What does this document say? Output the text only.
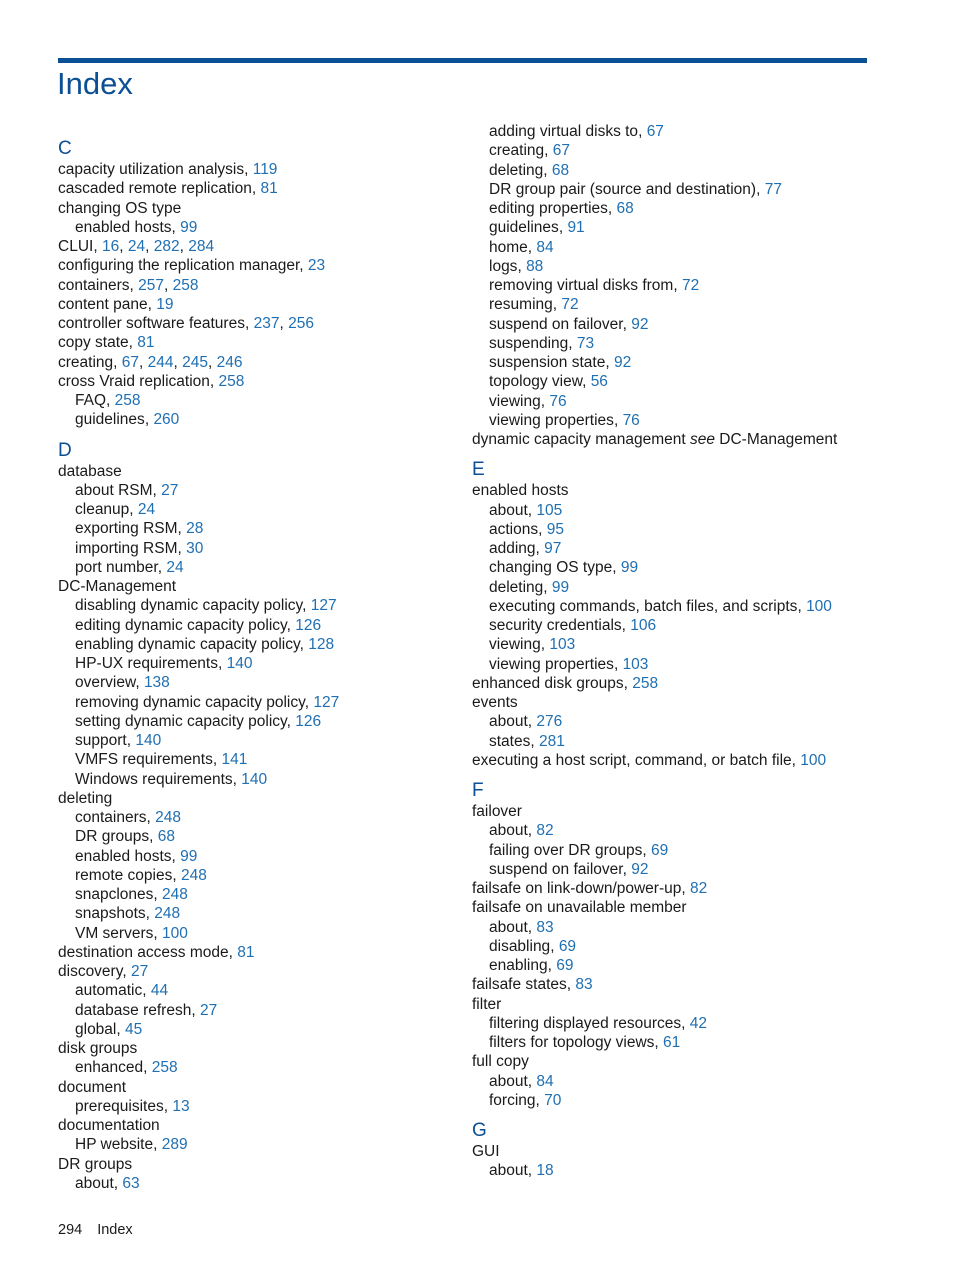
Index
C
capacity utilization analysis, 119
cascaded remote replication, 81
changing OS type
enabled hosts, 99
CLUI, 16, 24, 282, 284
configuring the replication manager, 23
containers, 257, 258
content pane, 19
controller software features, 237, 256
copy state, 81
creating, 67, 244, 245, 246
cross Vraid replication, 258
FAQ, 258
guidelines, 260
D
database
about RSM, 27
cleanup, 24
exporting RSM, 28
importing RSM, 30
port number, 24
DC-Management
disabling dynamic capacity policy, 127
editing dynamic capacity policy, 126
enabling dynamic capacity policy, 128
HP-UX requirements, 140
overview, 138
removing dynamic capacity policy, 127
setting dynamic capacity policy, 126
support, 140
VMFS requirements, 141
Windows requirements, 140
deleting
containers, 248
DR groups, 68
enabled hosts, 99
remote copies, 248
snapclones, 248
snapshots, 248
VM servers, 100
destination access mode, 81
discovery, 27
automatic, 44
database refresh, 27
global, 45
disk groups
enhanced, 258
document
prerequisites, 13
documentation
HP website, 289
DR groups
about, 63
adding virtual disks to, 67
creating, 67
deleting, 68
DR group pair (source and destination), 77
editing properties, 68
guidelines, 91
home, 84
logs, 88
removing virtual disks from, 72
resuming, 72
suspend on failover, 92
suspending, 73
suspension state, 92
topology view, 56
viewing, 76
viewing properties, 76
dynamic capacity management see DC-Management
E
enabled hosts
about, 105
actions, 95
adding, 97
changing OS type, 99
deleting, 99
executing commands, batch files, and scripts, 100
security credentials, 106
viewing, 103
viewing properties, 103
enhanced disk groups, 258
events
about, 276
states, 281
executing a host script, command, or batch file, 100
F
failover
about, 82
failing over DR groups, 69
suspend on failover, 92
failsafe on link-down/power-up, 82
failsafe on unavailable member
about, 83
disabling, 69
enabling, 69
failsafe states, 83
filter
filtering displayed resources, 42
filters for topology views, 61
full copy
about, 84
forcing, 70
G
GUI
about, 18
294 Index
